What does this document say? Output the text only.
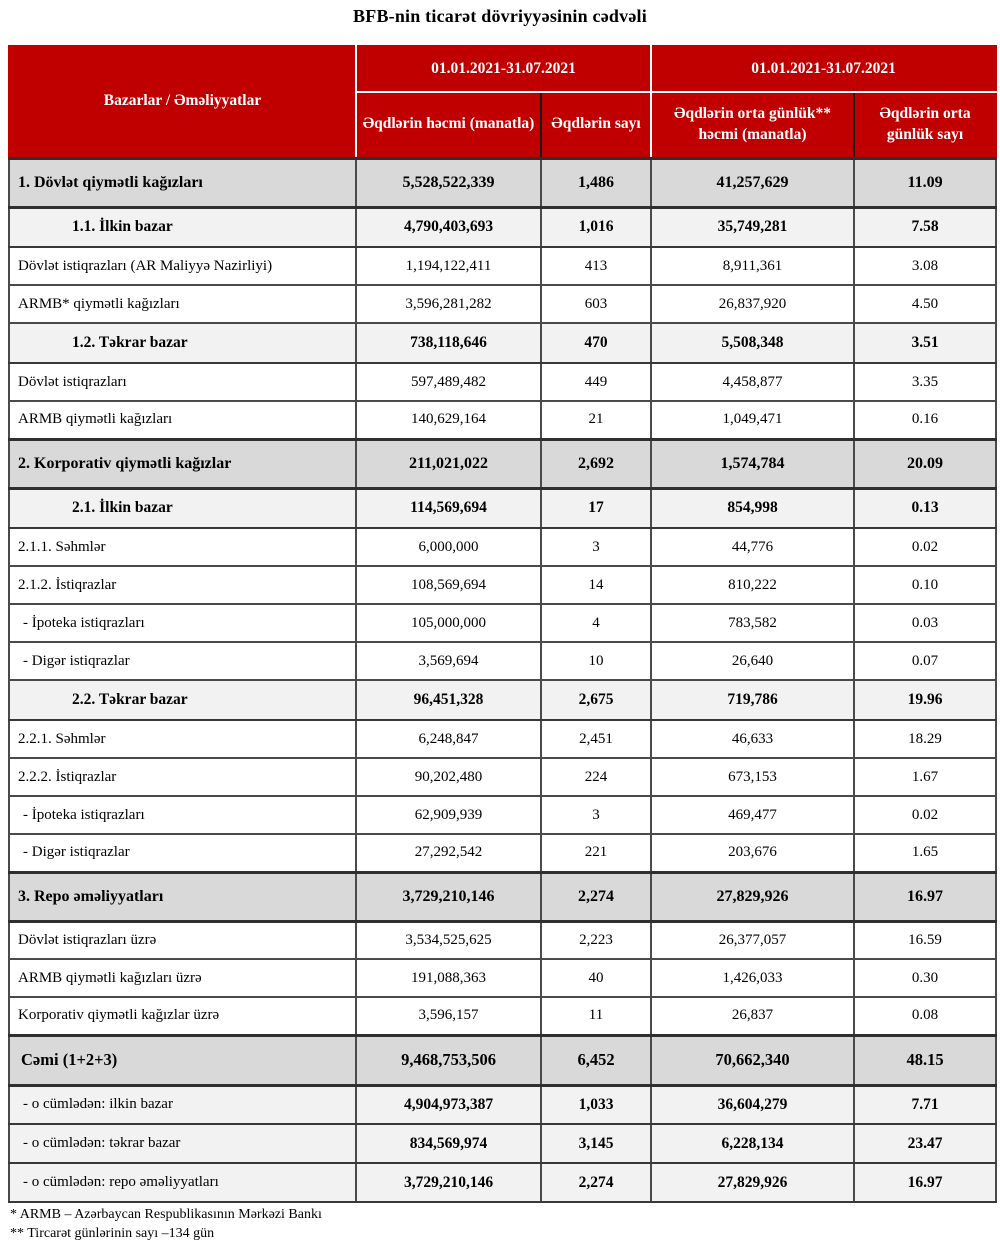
BFB-nin ticarət dövriyyəsinin cədvəli
Bazarlar / Əməliyyatlar	01.01.2021-31.07.2021		01.01.2021-31.07.2021	
	Əqdlərin həcmi (manatla)	Əqdlərin sayı	Əqdlərin orta günlük** həcmi (manatla)	Əqdlərin orta günlük sayı
1. Dövlət qiymətli kağızları	5,528,522,339	1,486	41,257,629	11.09
1.1. İlkin bazar	4,790,403,693	1,016	35,749,281	7.58
Dövlət istiqrazları (AR Maliyyə Nazirliyi)	1,194,122,411	413	8,911,361	3.08
ARMB* qiymətli kağızları	3,596,281,282	603	26,837,920	4.50
1.2. Təkrar bazar	738,118,646	470	5,508,348	3.51
Dövlət istiqrazları	597,489,482	449	4,458,877	3.35
ARMB qiymətli kağızları	140,629,164	21	1,049,471	0.16
2. Korporativ qiymətli kağızlar	211,021,022	2,692	1,574,784	20.09
2.1. İlkin bazar	114,569,694	17	854,998	0.13
2.1.1. Səhmlər	6,000,000	3	44,776	0.02
2.1.2. İstiqrazlar	108,569,694	14	810,222	0.10
- İpoteka istiqrazları	105,000,000	4	783,582	0.03
- Digər istiqrazlar	3,569,694	10	26,640	0.07
2.2. Təkrar bazar	96,451,328	2,675	719,786	19.96
2.2.1. Səhmlər	6,248,847	2,451	46,633	18.29
2.2.2. İstiqrazlar	90,202,480	224	673,153	1.67
- İpoteka istiqrazları	62,909,939	3	469,477	0.02
- Digər istiqrazlar	27,292,542	221	203,676	1.65
3. Repo əməliyyatları	3,729,210,146	2,274	27,829,926	16.97
Dövlət istiqrazları üzrə	3,534,525,625	2,223	26,377,057	16.59
ARMB qiymətli kağızları üzrə	191,088,363	40	1,426,033	0.30
Korporativ qiymətli kağızlar üzrə	3,596,157	11	26,837	0.08
Cəmi (1+2+3)	9,468,753,506	6,452	70,662,340	48.15
- o cümlədən: ilkin bazar	4,904,973,387	1,033	36,604,279	7.71
- o cümlədən: təkrar bazar	834,569,974	3,145	6,228,134	23.47
- o cümlədən: repo əməliyyatları	3,729,210,146	2,274	27,829,926	16.97
* ARMB – Azərbaycan Respublikasının Mərkəzi Bankı
** Tircarət günlərinin sayı –134 gün
